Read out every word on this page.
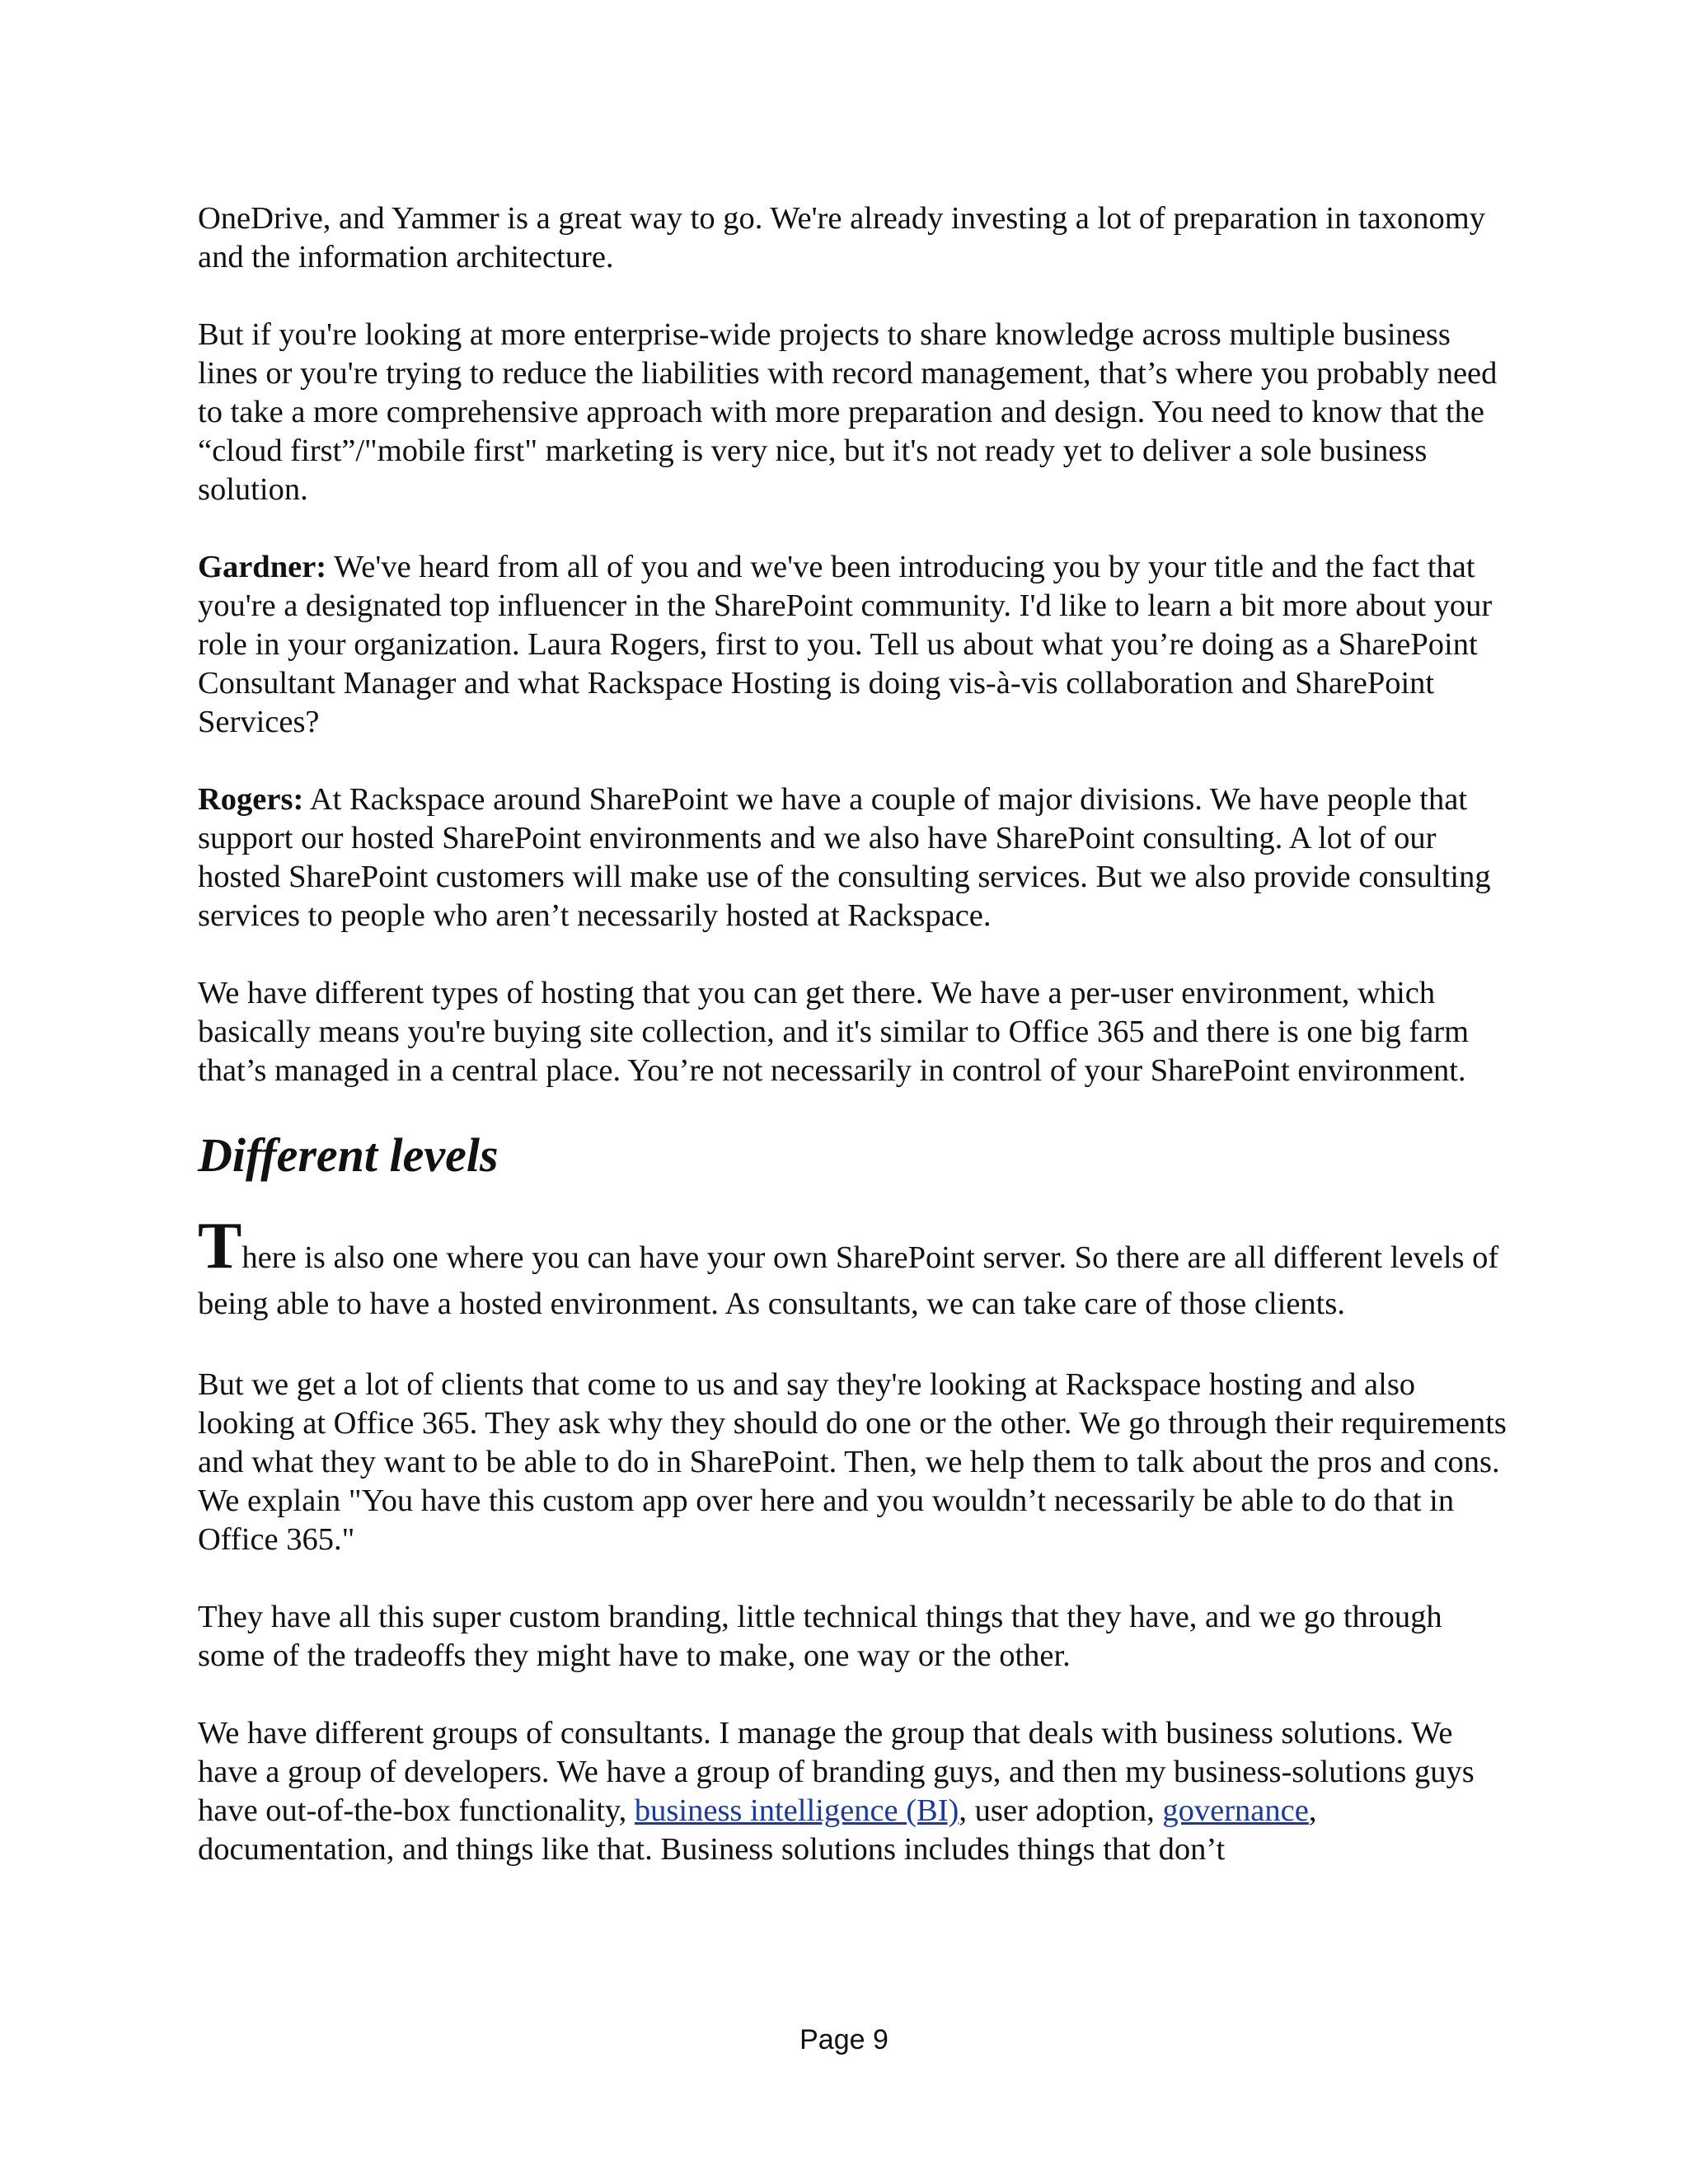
OneDrive, and Yammer is a great way to go. We're already investing a lot of preparation in taxonomy and the information architecture.

But if you're looking at more enterprise-wide projects to share knowledge across multiple business lines or you're trying to reduce the liabilities with record management, that’s where you probably need to take a more comprehensive approach with more preparation and design. You need to know that the “cloud first”/"mobile first" marketing is very nice, but it's not ready yet to deliver a sole business solution.

Gardner: We've heard from all of you and we've been introducing you by your title and the fact that you're a designated top influencer in the SharePoint community. I'd like to learn a bit more about your role in your organization. Laura Rogers, first to you. Tell us about what you’re doing as a SharePoint Consultant Manager and what Rackspace Hosting is doing vis-à-vis collaboration and SharePoint Services?

Rogers: At Rackspace around SharePoint we have a couple of major divisions. We have people that support our hosted SharePoint environments and we also have SharePoint consulting. A lot of our hosted SharePoint customers will make use of the consulting services. But we also provide consulting services to people who aren’t necessarily hosted at Rackspace.

We have different types of hosting that you can get there. We have a per-user environment, which basically means you're buying site collection, and it's similar to Office 365 and there is one big farm that’s managed in a central place. You’re not necessarily in control of your SharePoint environment.

Different levels

There is also one where you can have your own SharePoint server. So there are all different levels of being able to have a hosted environment. As consultants, we can take care of those clients.

But we get a lot of clients that come to us and say they're looking at Rackspace hosting and also looking at Office 365. They ask why they should do one or the other. We go through their requirements and what they want to be able to do in SharePoint. Then, we help them to talk about the pros and cons. We explain "You have this custom app over here and you wouldn’t necessarily be able to do that in Office 365."

They have all this super custom branding, little technical things that they have, and we go through some of the tradeoffs they might have to make, one way or the other.

We have different groups of consultants. I manage the group that deals with business solutions. We have a group of developers. We have a group of branding guys, and then my business-solutions guys have out-of-the-box functionality, business intelligence (BI), user adoption, governance, documentation, and things like that. Business solutions includes things that don’t

Page 9
